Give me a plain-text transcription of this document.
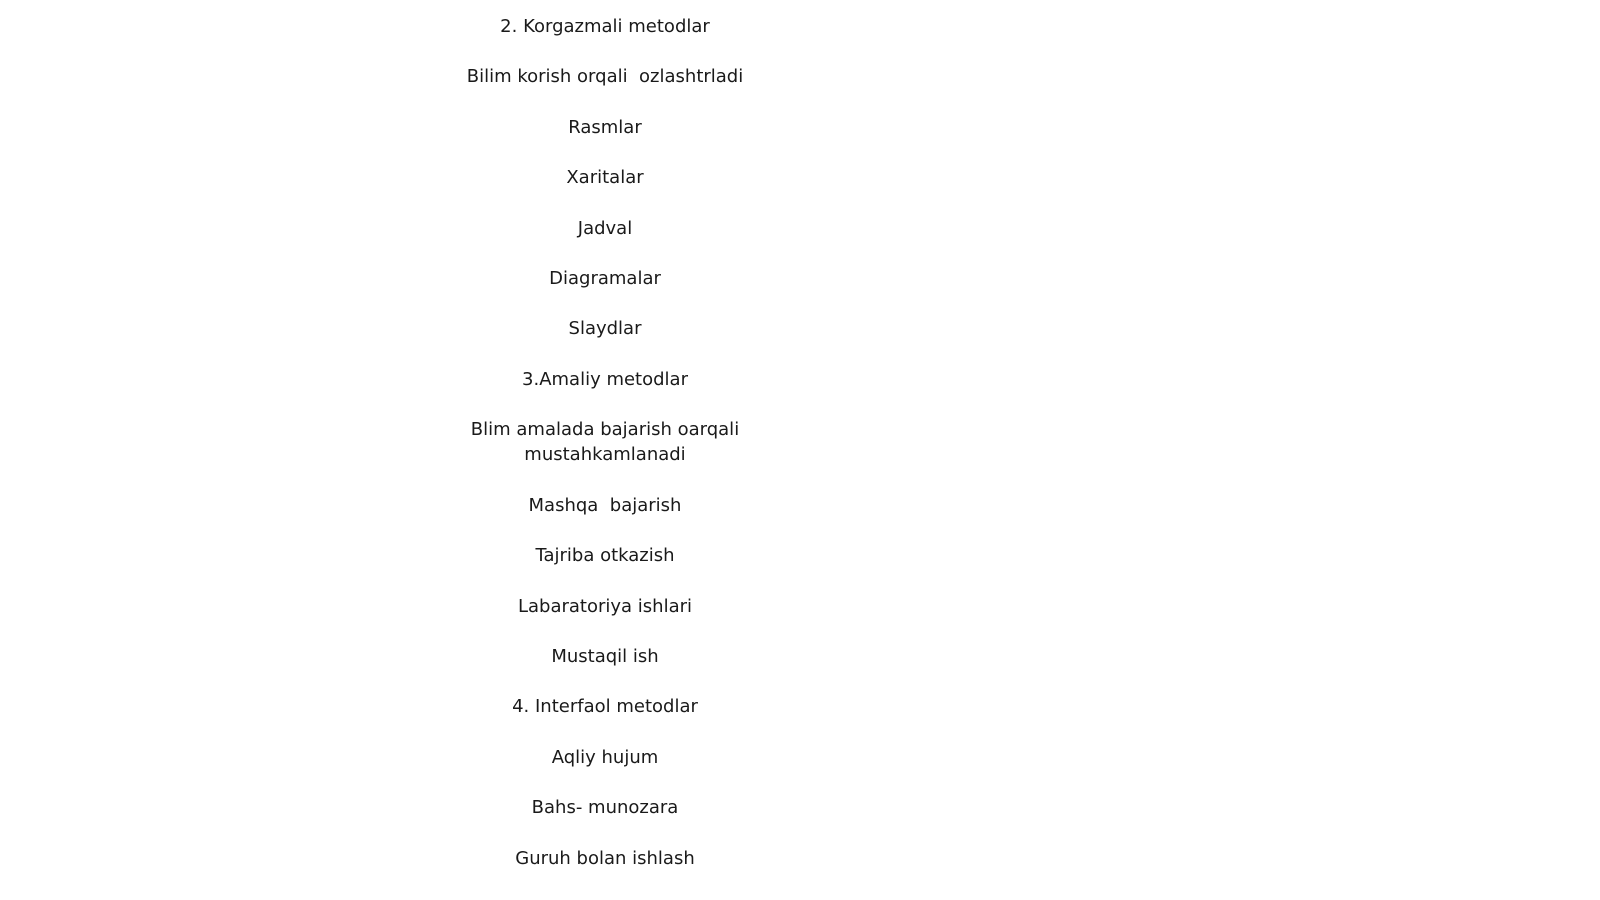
2. Korgazmali metodlar
Bilim korish orqali  ozlashtrladi
Rasmlar
Xaritalar
Jadval
Diagramalar
Slaydlar
3.Amaliy metodlar
Blim amalada bajarish oarqali
mustahkamlanadi
Mashqa  bajarish
Tajriba otkazish
Labaratoriya ishlari
Mustaqil ish
4. Interfaol metodlar
Aqliy hujum
Bahs- munozara
Guruh bolan ishlash
